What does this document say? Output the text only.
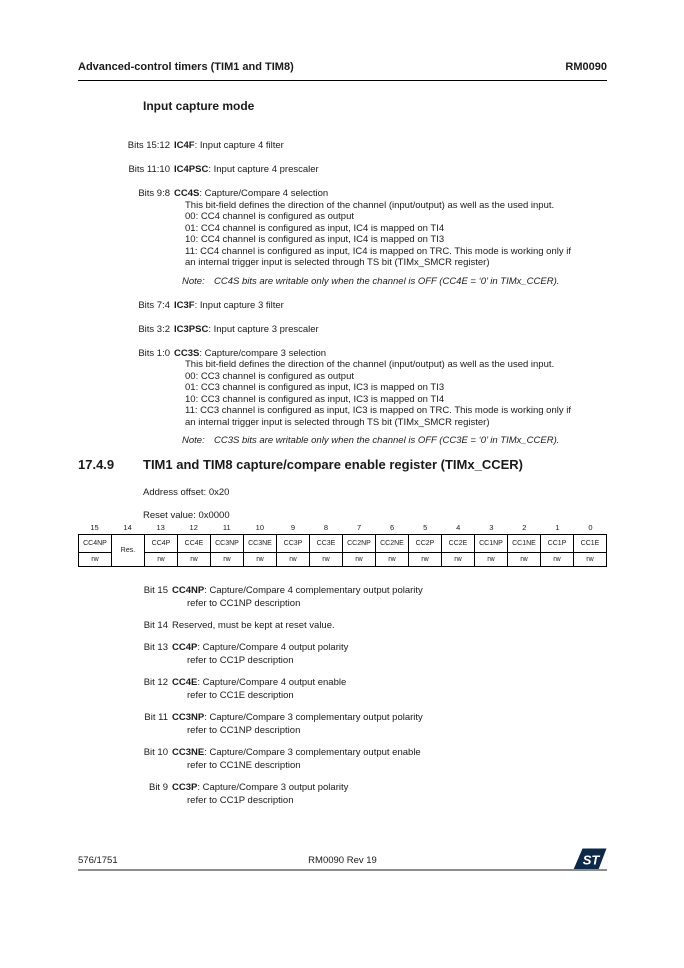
Advanced-control timers (TIM1 and TIM8)	RM0090
Input capture mode
Bits 15:12 IC4F: Input capture 4 filter
Bits 11:10 IC4PSC: Input capture 4 prescaler
Bits 9:8 CC4S: Capture/Compare 4 selection
This bit-field defines the direction of the channel (input/output) as well as the used input.
00: CC4 channel is configured as output
01: CC4 channel is configured as input, IC4 is mapped on TI4
10: CC4 channel is configured as input, IC4 is mapped on TI3
11: CC4 channel is configured as input, IC4 is mapped on TRC. This mode is working only if
an internal trigger input is selected through TS bit (TIMx_SMCR register)
Note: CC4S bits are writable only when the channel is OFF (CC4E = ‘0’ in TIMx_CCER).
Bits 7:4 IC3F: Input capture 3 filter
Bits 3:2 IC3PSC: Input capture 3 prescaler
Bits 1:0 CC3S: Capture/compare 3 selection
This bit-field defines the direction of the channel (input/output) as well as the used input.
00: CC3 channel is configured as output
01: CC3 channel is configured as input, IC3 is mapped on TI3
10: CC3 channel is configured as input, IC3 is mapped on TI4
11: CC3 channel is configured as input, IC3 is mapped on TRC. This mode is working only if
an internal trigger input is selected through TS bit (TIMx_SMCR register)
Note: CC3S bits are writable only when the channel is OFF (CC3E = ‘0’ in TIMx_CCER).
17.4.9	TIM1 and TIM8 capture/compare enable register (TIMx_CCER)
Address offset: 0x20
Reset value: 0x0000
15	14	13	12	11	10	9	8	7	6	5	4	3	2	1	0
CC4NP	Res.	CC4P	CC4E	CC3NP	CC3NE	CC3P	CC3E	CC2NP	CC2NE	CC2P	CC2E	CC1NP	CC1NE	CC1P	CC1E
rw		rw	rw	rw	rw	rw	rw	rw	rw	rw	rw	rw	rw	rw	rw
Bit 15 CC4NP: Capture/Compare 4 complementary output polarity
refer to CC1NP description
Bit 14 Reserved, must be kept at reset value.
Bit 13 CC4P: Capture/Compare 4 output polarity
refer to CC1P description
Bit 12 CC4E: Capture/Compare 4 output enable
refer to CC1E description
Bit 11 CC3NP: Capture/Compare 3 complementary output polarity
refer to CC1NP description
Bit 10 CC3NE: Capture/Compare 3 complementary output enable
refer to CC1NE description
Bit 9 CC3P: Capture/Compare 3 output polarity
refer to CC1P description
576/1751	RM0090 Rev 19	ST
